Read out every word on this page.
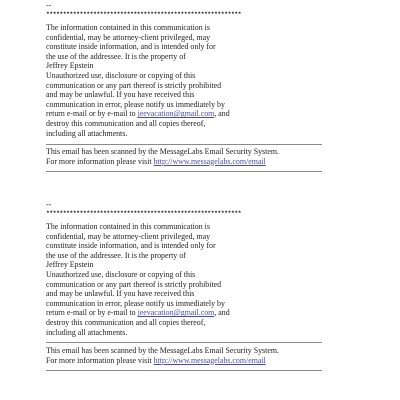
--
**********************************************************
The information contained in this communication is
confidential, may be attorney-client privileged, may
constitute inside information, and is intended only for
the use of the addressee. It is the property of
Jeffrey Epstein
Unauthorized use, disclosure or copying of this
communication or any part thereof is strictly prohibited
and may be unlawful. If you have received this
communication in error, please notify us immediately by
return e-mail or by e-mail to jeevacation@gmail.com, and
destroy this communication and all copies thereof,
including all attachments.
This email has been scanned by the MessageLabs Email Security System.
For more information please visit http://www.messagelabs.com/email
--
**********************************************************
The information contained in this communication is
confidential, may be attorney-client privileged, may
constitute inside information, and is intended only for
the use of the addressee. It is the property of
Jeffrey Epstein
Unauthorized use, disclosure or copying of this
communication or any part thereof is strictly prohibited
and may be unlawful. If you have received this
communication in error, please notify us immediately by
return e-mail or by e-mail to jeevacation@gmail.com, and
destroy this communication and all copies thereof,
including all attachments.
This email has been scanned by the MessageLabs Email Security System.
For more information please visit http://www.messagelabs.com/email
